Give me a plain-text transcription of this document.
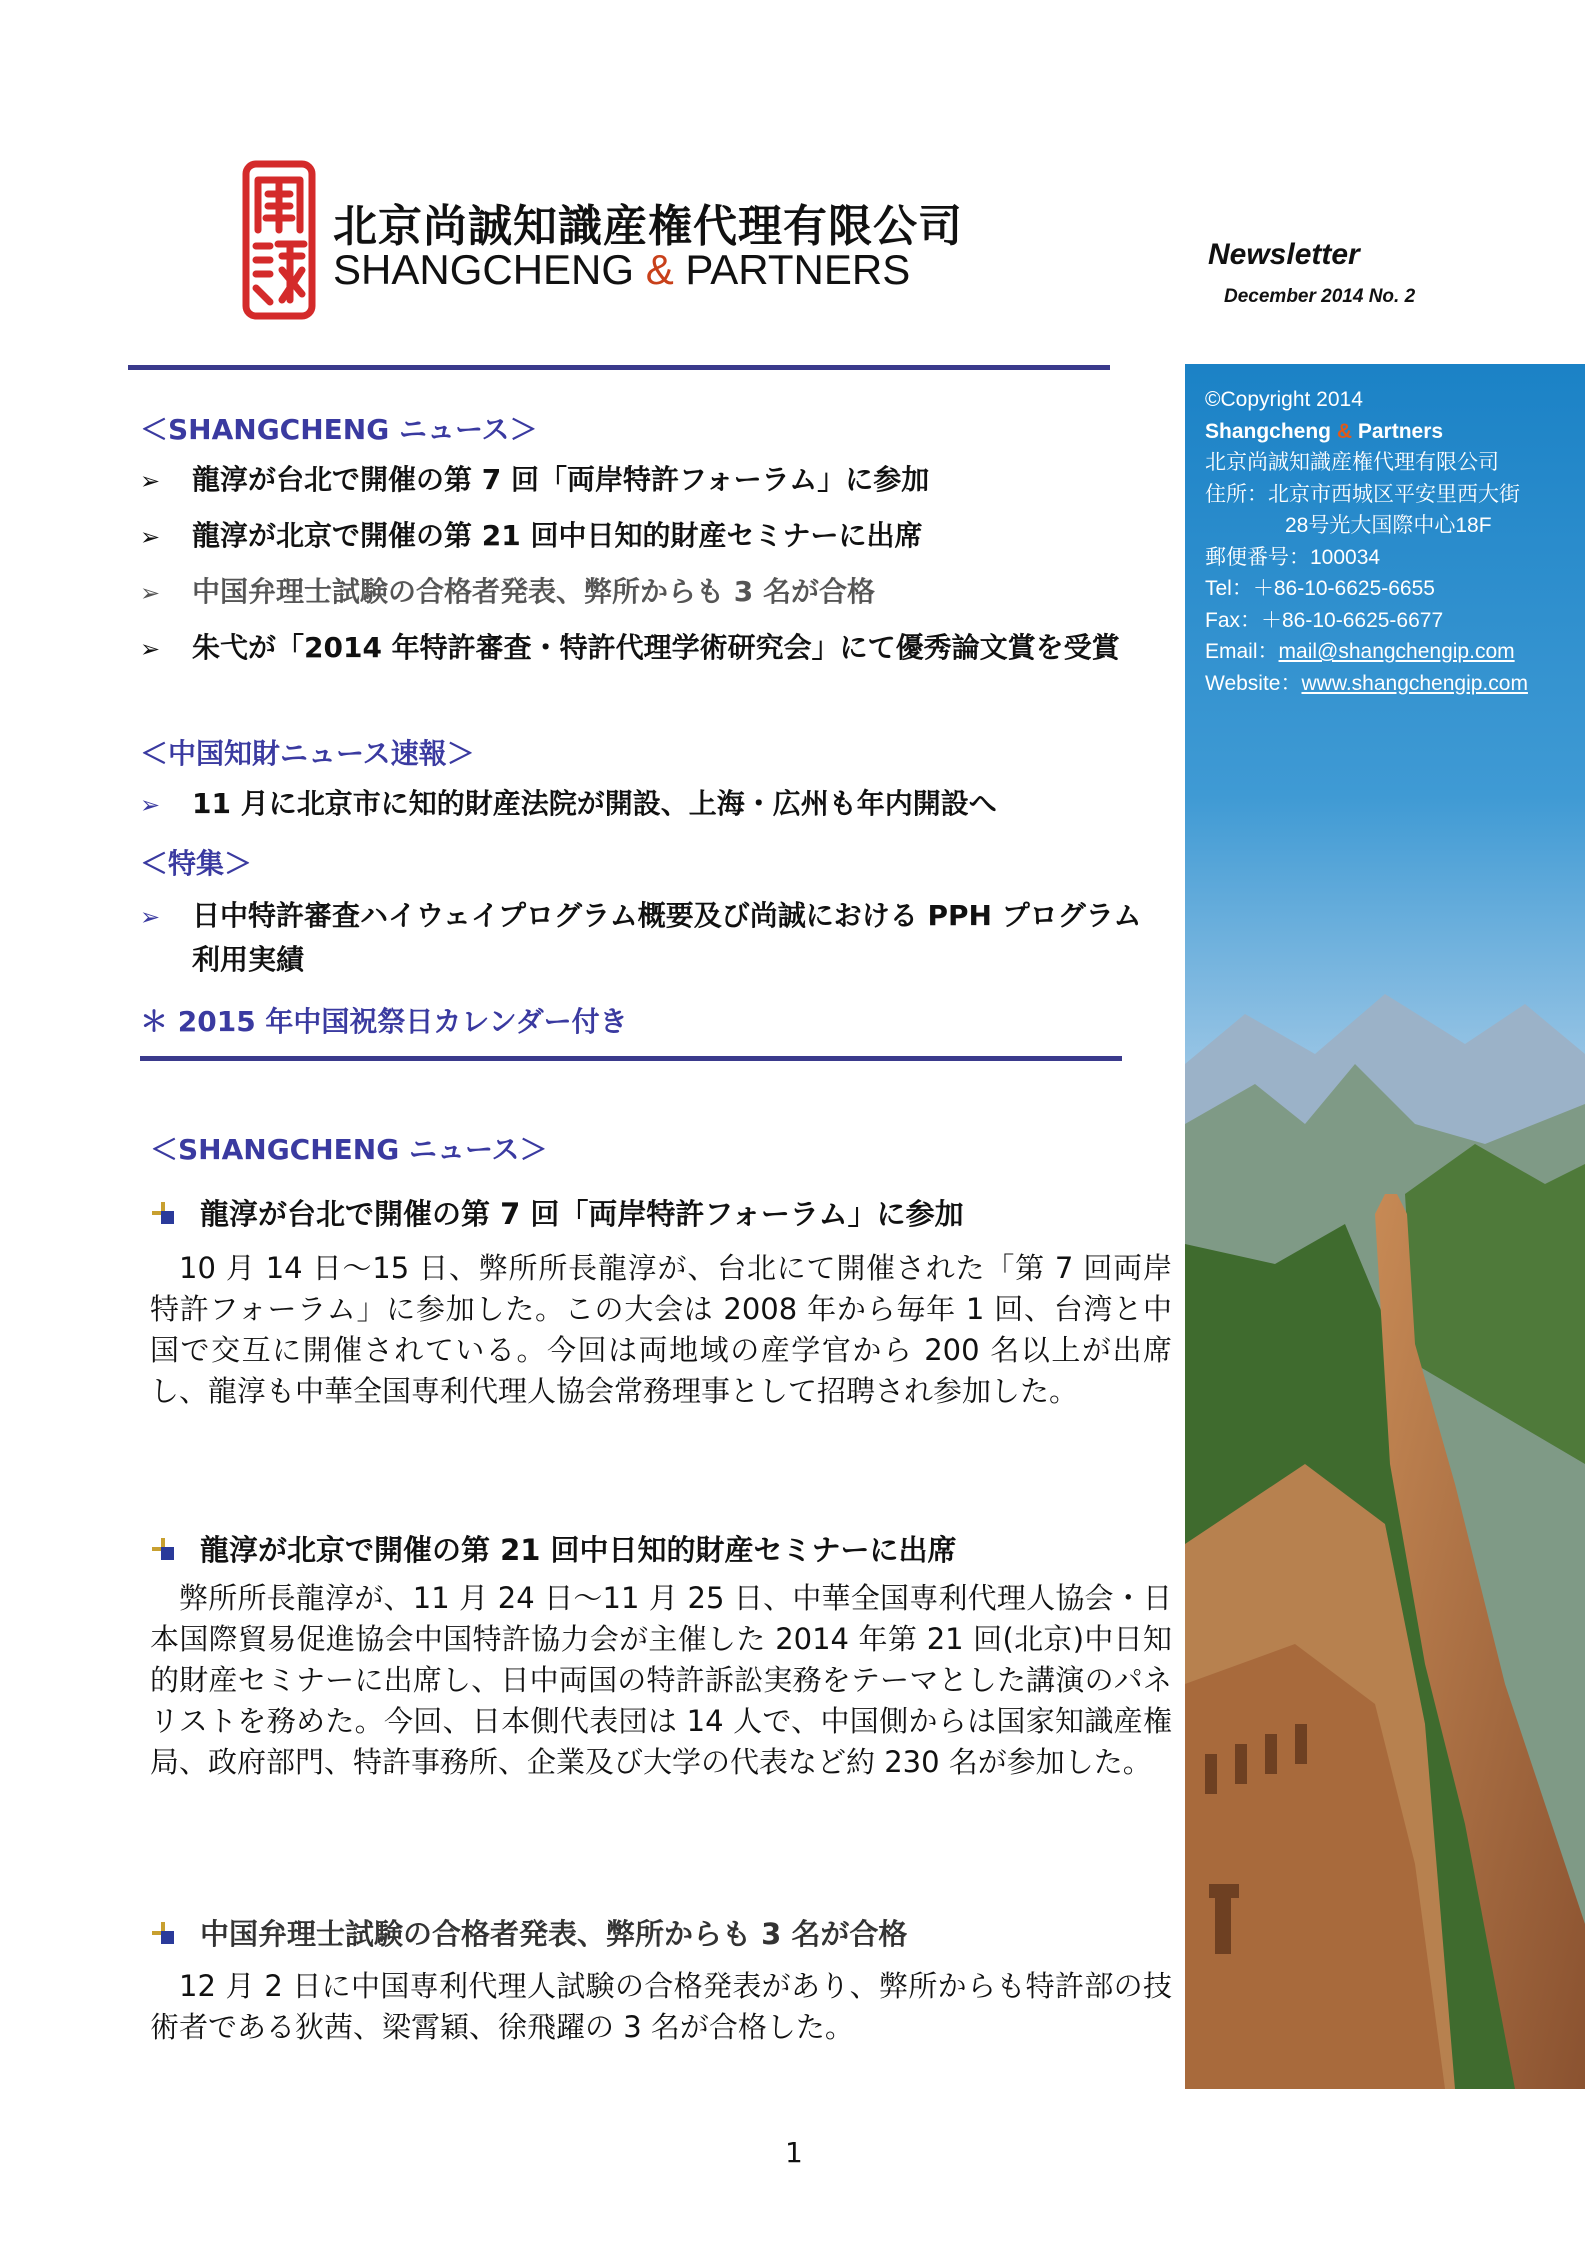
北京尚誠知識産権代理有限公司
SHANGCHENG & PARTNERS	Newsletter
December 2014 No. 2
©Copyright 2014
Shangcheng & Partners
北京尚誠知識産権代理有限公司
住所：北京市西城区平安里西大街
28号光大国際中心18F
郵便番号：100034
Tel：＋86-10-6625-6655
Fax：＋86-10-6625-6677
Email：mail@shangchengip.com
Website：www.shangchengip.com
＜SHANGCHENG ニュース＞
➢ 龍淳が台北で開催の第 7 回「両岸特許フォーラム」に参加
➢ 龍淳が北京で開催の第 21 回中日知的財産セミナーに出席
➢ 中国弁理士試験の合格者発表、弊所からも 3 名が合格
➢ 朱弋が「2014 年特許審査・特許代理学術研究会」にて優秀論文賞を受賞
＜中国知財ニュース速報＞
➢ 11 月に北京市に知的財産法院が開設、上海・広州も年内開設へ
＜特集＞
➢ 日中特許審査ハイウェイプログラム概要及び尚誠における PPH プログラム利用実績
＊ 2015 年中国祝祭日カレンダー付き
＜SHANGCHENG ニュース＞
龍淳が台北で開催の第 7 回「両岸特許フォーラム」に参加
10 月 14 日～15 日、弊所所長龍淳が、台北にて開催された「第 7 回両岸特許フォーラム」に参加した。この大会は 2008 年から毎年 1 回、台湾と中国で交互に開催されている。今回は両地域の産学官から 200 名以上が出席し、龍淳も中華全国専利代理人協会常務理事として招聘され参加した。
龍淳が北京で開催の第 21 回中日知的財産セミナーに出席
弊所所長龍淳が、11 月 24 日～11 月 25 日、中華全国専利代理人協会・日本国際貿易促進協会中国特許協力会が主催した 2014 年第 21 回(北京)中日知的財産セミナーに出席し、日中両国の特許訴訟実務をテーマとした講演のパネリストを務めた。今回、日本側代表団は 14 人で、中国側からは国家知識産権局、政府部門、特許事務所、企業及び大学の代表など約 230 名が参加した。
中国弁理士試験の合格者発表、弊所からも 3 名が合格
12 月 2 日に中国専利代理人試験の合格発表があり、弊所からも特許部の技術者である狄茜、梁霄穎、徐飛躍の 3 名が合格した。
1
